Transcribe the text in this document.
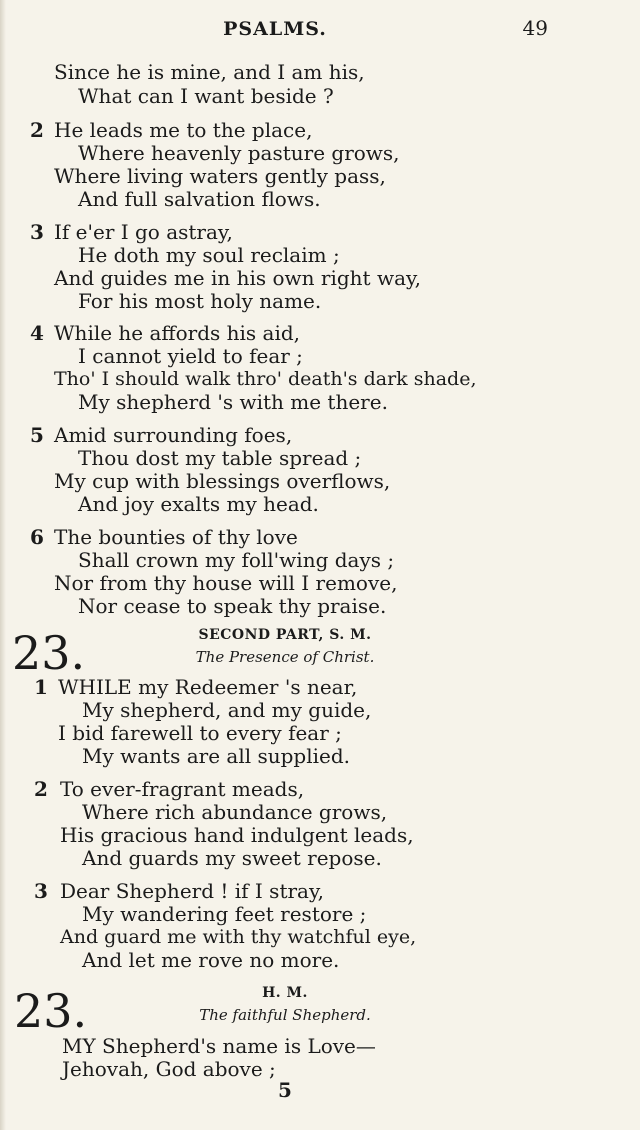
PSALMS.	49
Since he is mine, and I am his,
What can I want beside ?
2 He leads me to the place,
Where heavenly pasture grows,
Where living waters gently pass,
And full salvation flows.
3 If e'er I go astray,
He doth my soul reclaim ;
And guides me in his own right way,
For his most holy name.
4 While he affords his aid,
I cannot yield to fear ;
Tho' I should walk thro' death's dark shade,
My shepherd 's with me there.
5 Amid surrounding foes,
Thou dost my table spread ;
My cup with blessings overflows,
And joy exalts my head.
6 The bounties of thy love
Shall crown my foll'wing days ;
Nor from thy house will I remove,
Nor cease to speak thy praise.
23.	SECOND PART, S. M.
The Presence of Christ.
1 WHILE my Redeemer 's near,
My shepherd, and my guide,
I bid farewell to every fear ;
My wants are all supplied.
2 To ever-fragrant meads,
Where rich abundance grows,
His gracious hand indulgent leads,
And guards my sweet repose.
3 Dear Shepherd ! if I stray,
My wandering feet restore ;
And guard me with thy watchful eye,
And let me rove no more.
23.	H. M.
The faithful Shepherd.
MY Shepherd's name is Love—
Jehovah, God above ;
5
